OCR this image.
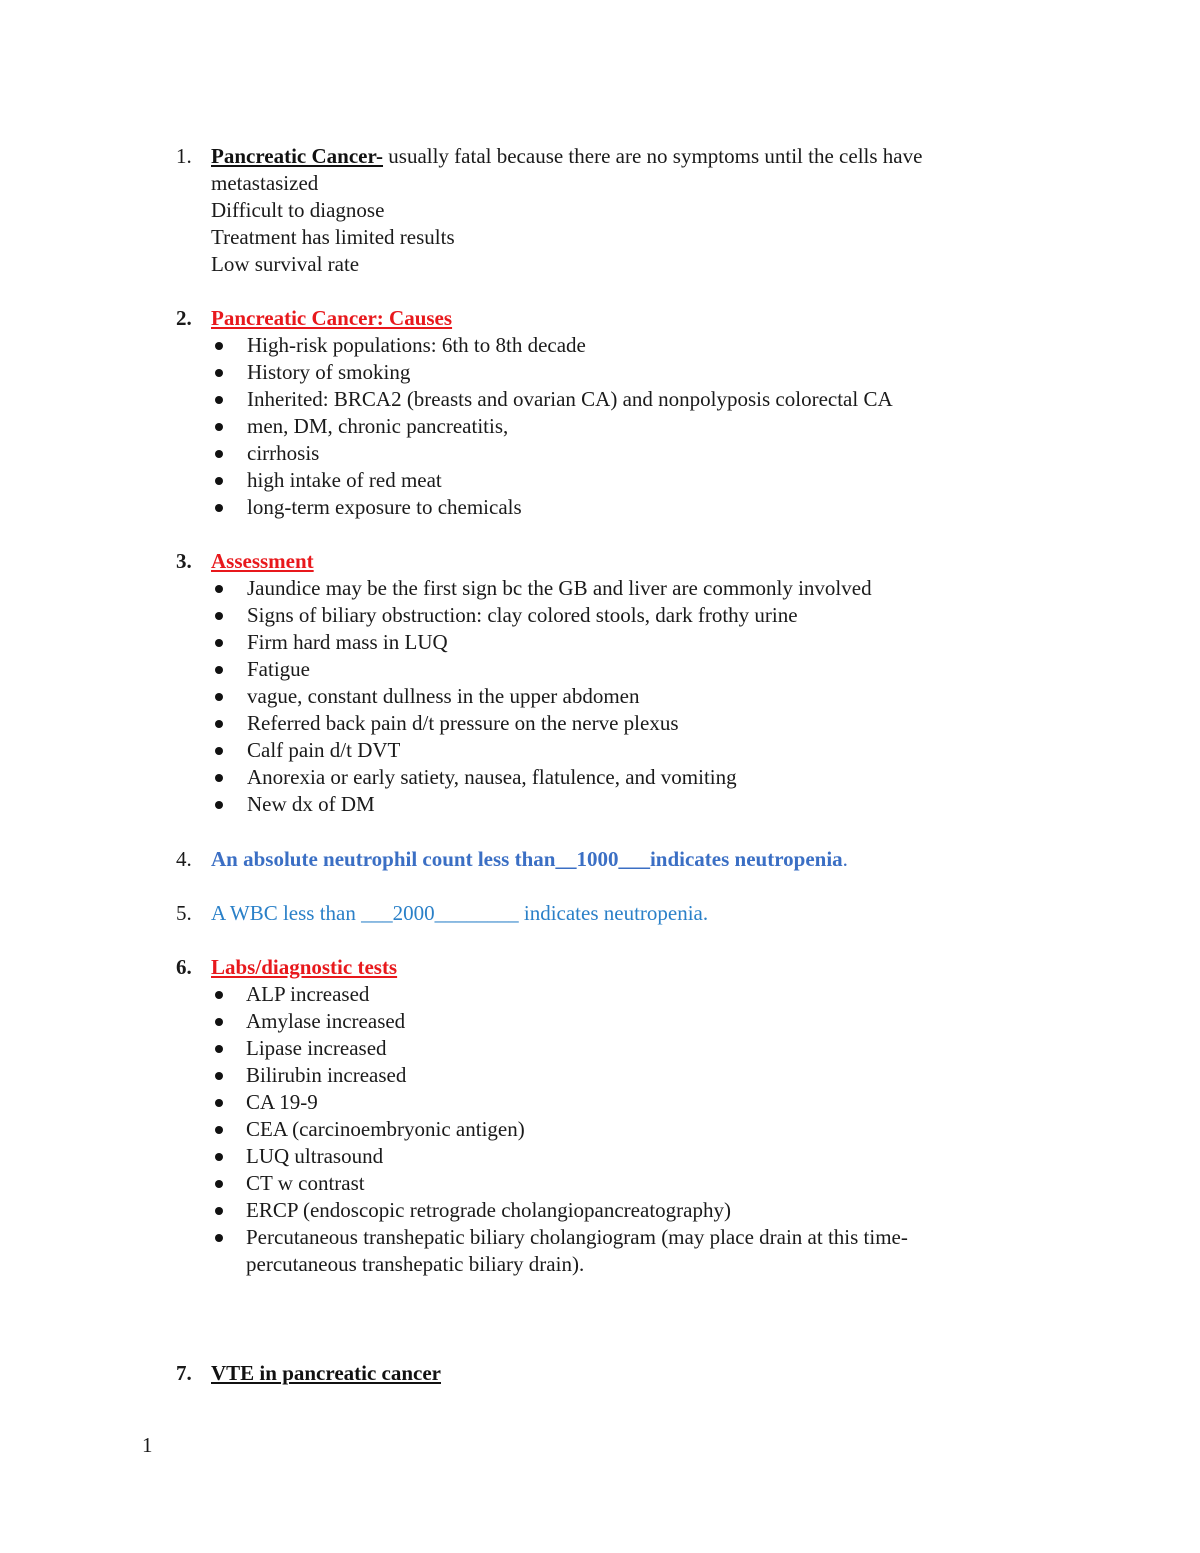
1. Pancreatic Cancer- usually fatal because there are no symptoms until the cells have
metastasized
Difficult to diagnose
Treatment has limited results
Low survival rate
2. Pancreatic Cancer: Causes
High-risk populations: 6th to 8th decade
History of smoking
Inherited: BRCA2 (breasts and ovarian CA) and nonpolyposis colorectal CA
men, DM, chronic pancreatitis,
cirrhosis
high intake of red meat
long-term exposure to chemicals
3. Assessment
Jaundice may be the first sign bc the GB and liver are commonly involved
Signs of biliary obstruction: clay colored stools, dark frothy urine
Firm hard mass in LUQ
Fatigue
vague, constant dullness in the upper abdomen
Referred back pain d/t pressure on the nerve plexus
Calf pain d/t DVT
Anorexia or early satiety, nausea, flatulence, and vomiting
New dx of DM
4. An absolute neutrophil count less than__1000___indicates neutropenia.
5. A WBC less than ___2000________ indicates neutropenia.
6. Labs/diagnostic tests
ALP increased
Amylase increased
Lipase increased
Bilirubin increased
CA 19-9
CEA (carcinoembryonic antigen)
LUQ ultrasound
CT w contrast
ERCP (endoscopic retrograde cholangiopancreatography)
Percutaneous transhepatic biliary cholangiogram (may place drain at this time-percutaneous transhepatic biliary drain).
7. VTE in pancreatic cancer
1
